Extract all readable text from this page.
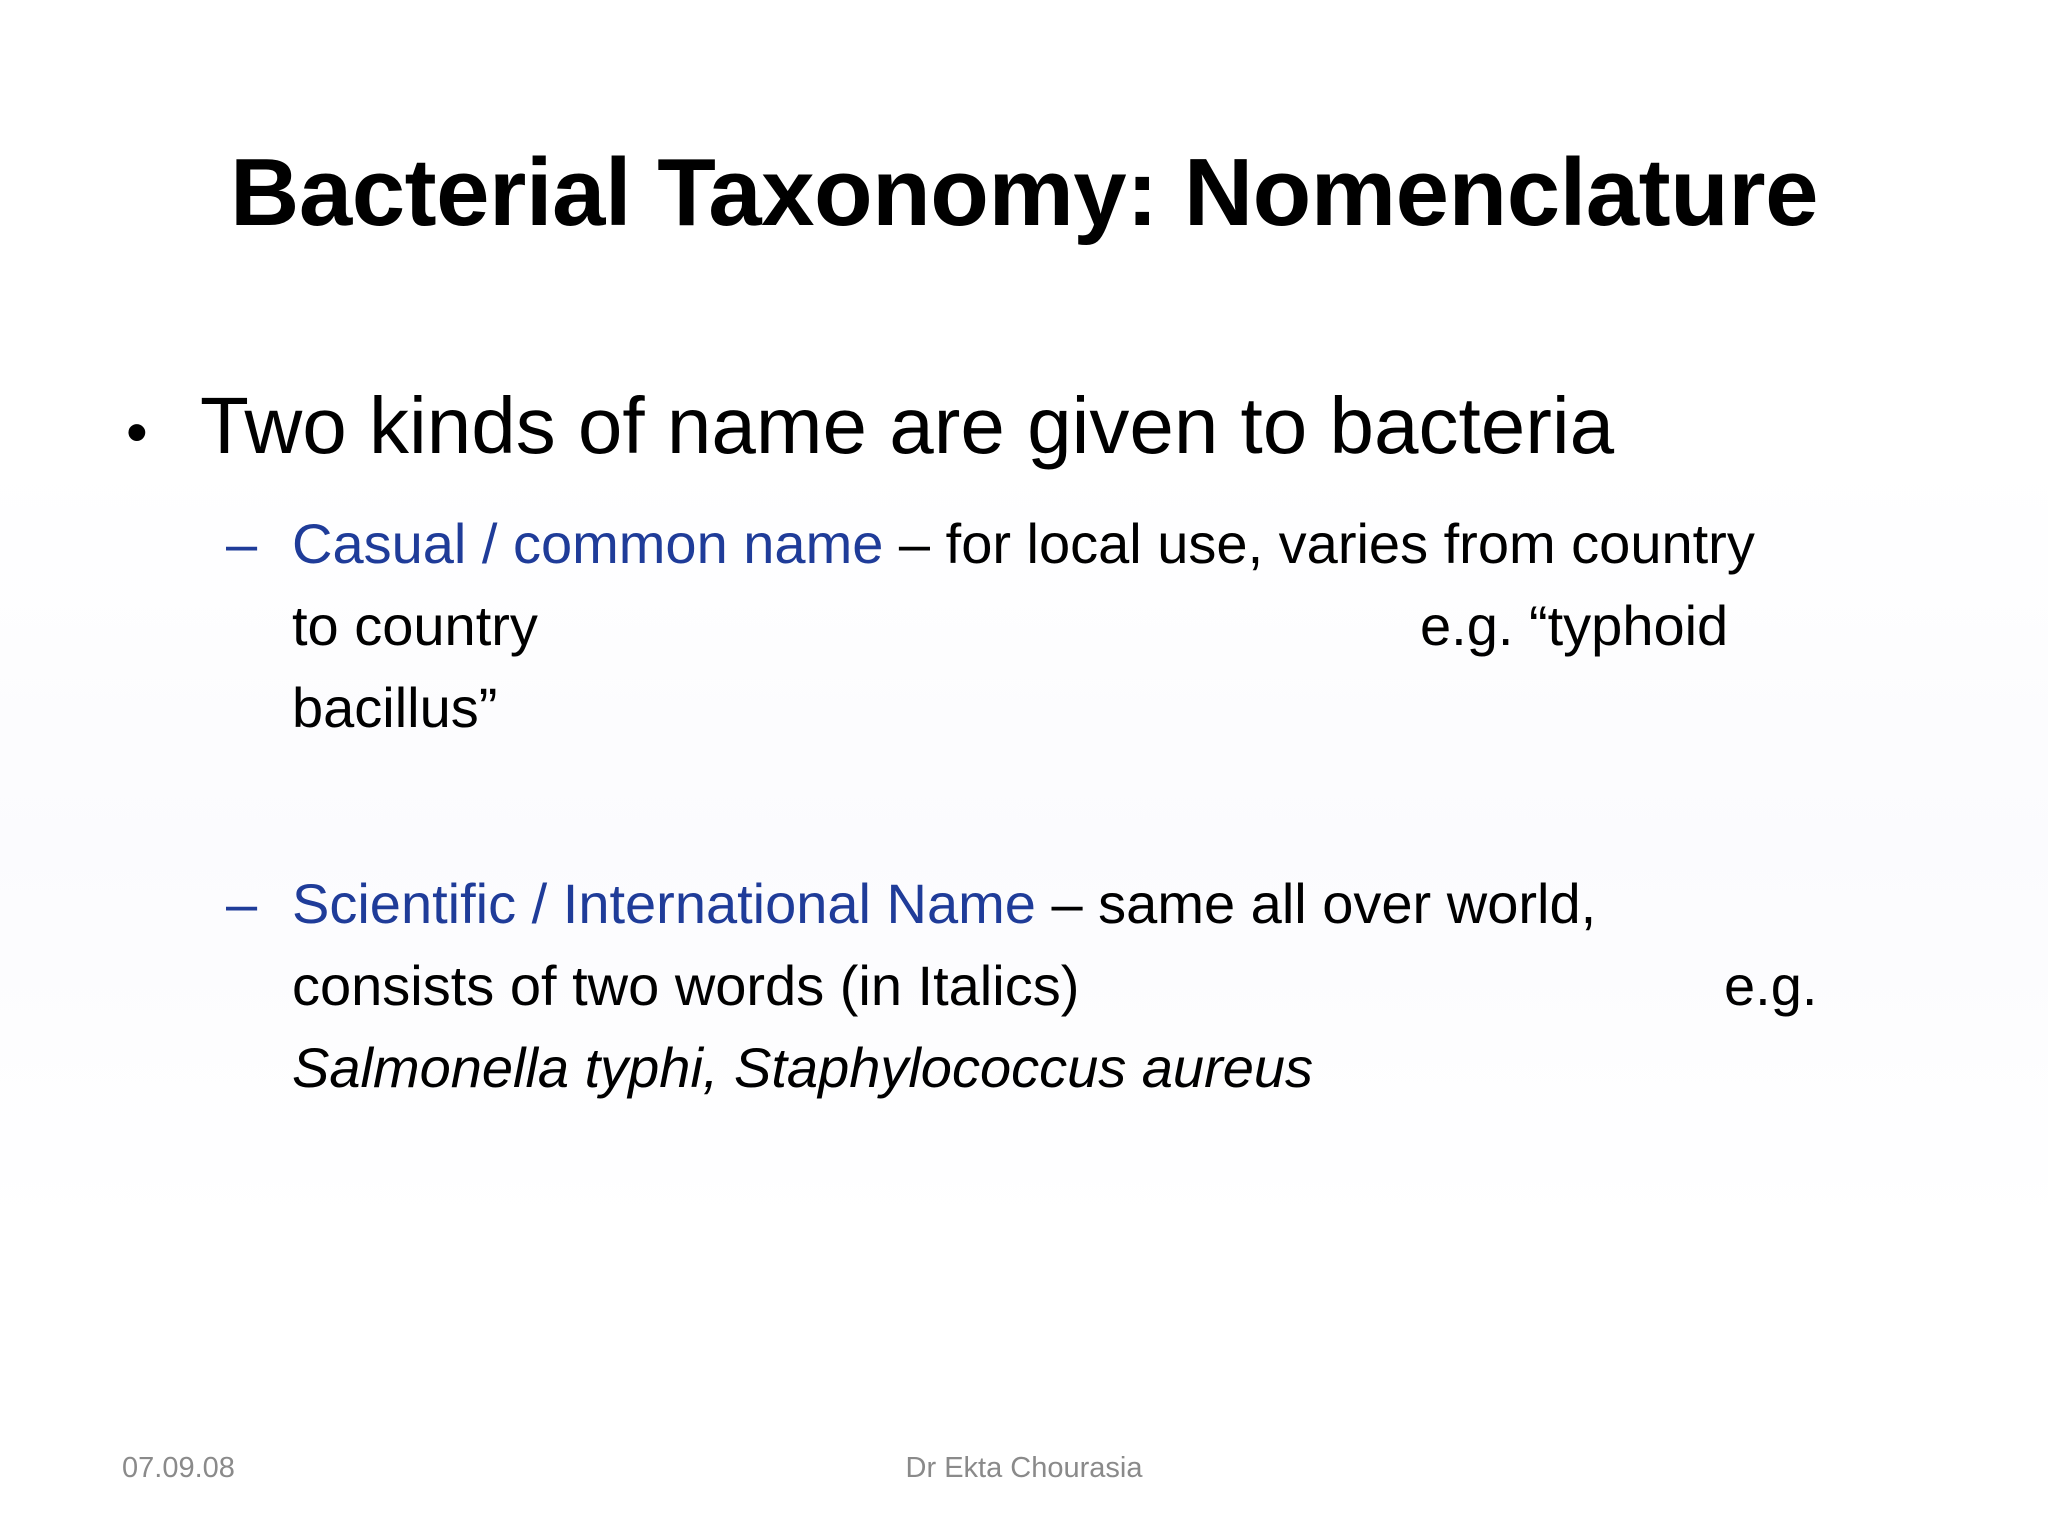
Bacterial Taxonomy: Nomenclature
• Two kinds of name are given to bacteria
– Casual / common name – for local use, varies from country
to country	e.g. “typhoid
bacillus”
– Scientific / International Name – same all over world,
consists of two words (in Italics)	e.g.
Salmonella typhi, Staphylococcus aureus
07.09.08	Dr Ekta Chourasia
